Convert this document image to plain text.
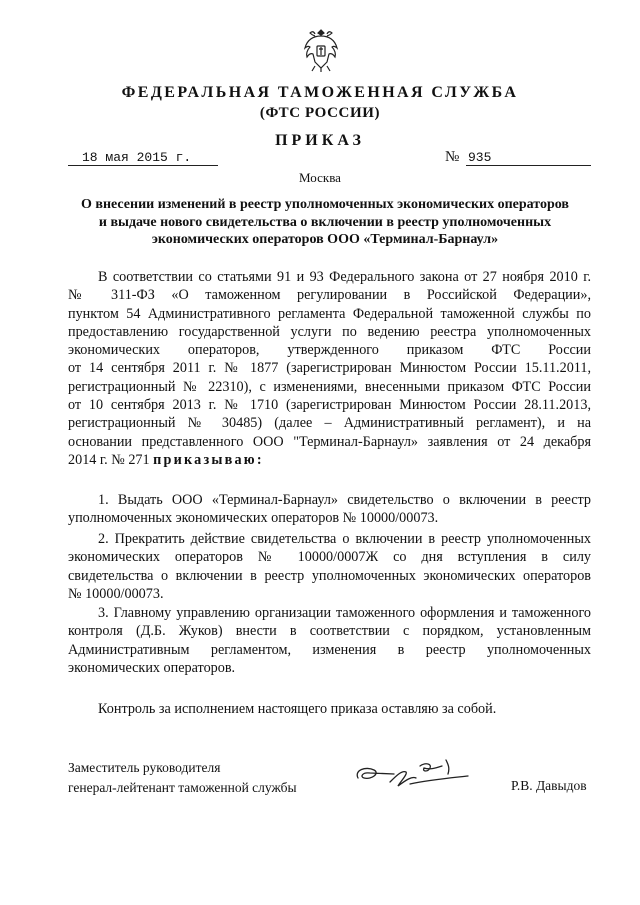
ФЕДЕРАЛЬНАЯ ТАМОЖЕННАЯ СЛУЖБА
(ФТС РОССИИ)
ПРИКАЗ
18 мая 2015 г.	№ 935
Москва
О внесении изменений в реестр уполномоченных экономических операторов
и выдаче нового свидетельства о включении в реестр уполномоченных
экономических операторов ООО «Терминал-Барнаул»
В соответствии со статьями 91 и 93 Федерального закона от 27 ноября 2010 г.
№ 311-ФЗ «О таможенном регулировании в Российской Федерации»,
пунктом 54 Административного регламента Федеральной таможенной службы по
предоставлению государственной услуги по ведению реестра уполномоченных
экономических операторов, утвержденного приказом ФТС России
от 14 сентября 2011 г. № 1877 (зарегистрирован Минюстом России 15.11.2011,
регистрационный № 22310), с изменениями, внесенными приказом ФТС России
от 10 сентября 2013 г. № 1710 (зарегистрирован Минюстом России 28.11.2013,
регистрационный № 30485) (далее – Административный регламент), и на
основании представленного ООО "Терминал-Барнаул» заявления от 24 декабря
2014 г. № 271 приказываю:
1. Выдать ООО «Терминал-Барнаул» свидетельство о включении в реестр
уполномоченных экономических операторов № 10000/00073.
2. Прекратить действие свидетельства о включении в реестр уполномоченных
экономических операторов № 10000/0007Ж со дня вступления в силу
свидетельства о включении в реестр уполномоченных экономических операторов
№ 10000/00073.
3. Главному управлению организации таможенного оформления и таможенного
контроля (Д.Б. Жуков) внести в соответствии с порядком, установленным
Административным регламентом, изменения в реестр уполномоченных
экономических операторов.
Контроль за исполнением настоящего приказа оставляю за собой.
Заместитель руководителя
генерал-лейтенант таможенной службы	Р.В. Давыдов
